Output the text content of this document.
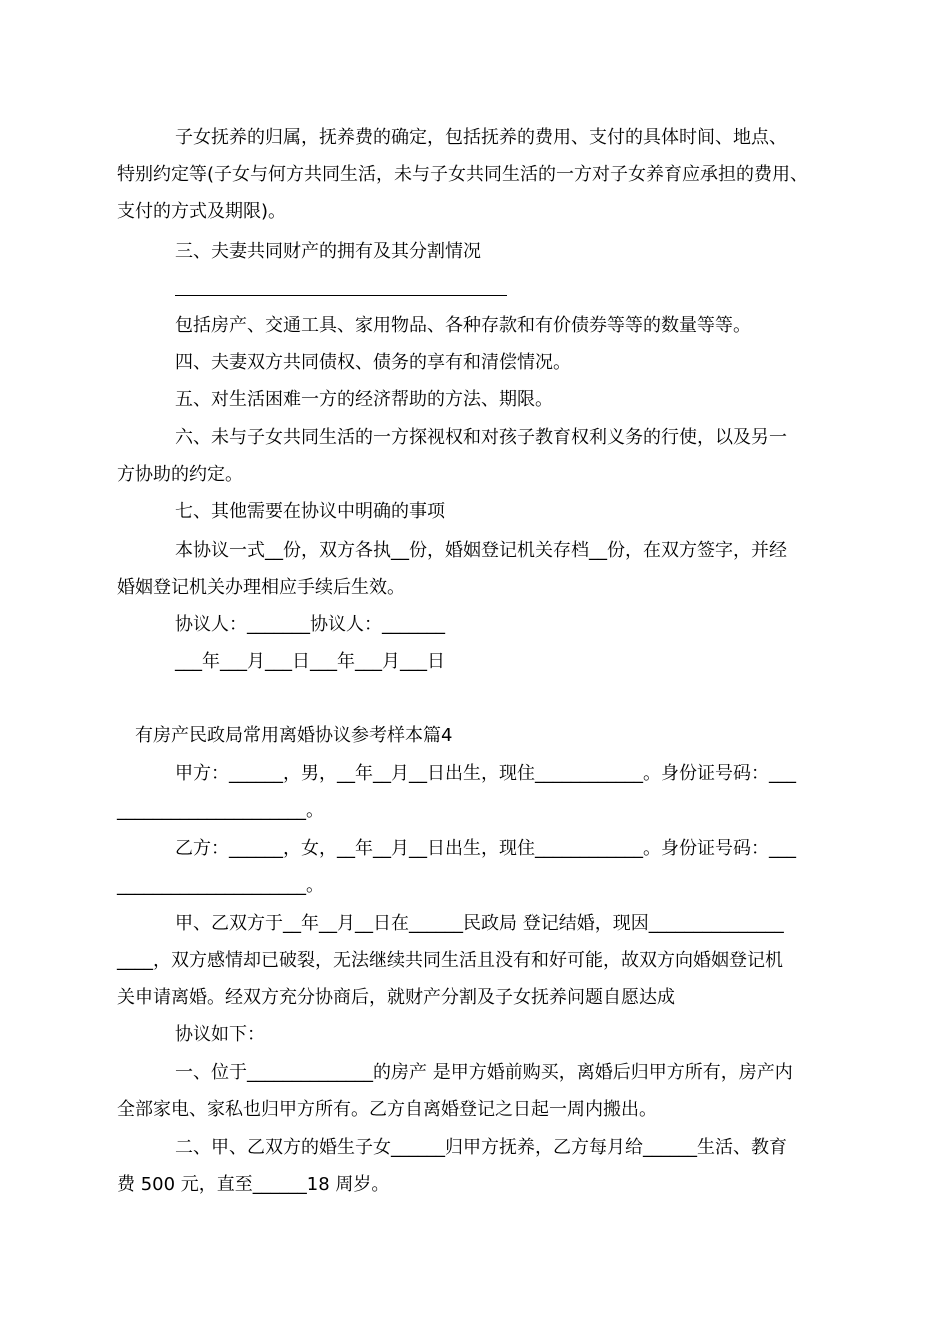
子女抚养的归属，抚养费的确定，包括抚养的费用、支付的具体时间、地点、
特别约定等(子女与何方共同生活，未与子女共同生活的一方对子女养育应承担的费用、
支付的方式及期限)。
三、夫妻共同财产的拥有及其分割情况
包括房产、交通工具、家用物品、各种存款和有价债券等等的数量等等。
四、夫妻双方共同债权、债务的享有和清偿情况。
五、对生活困难一方的经济帮助的方法、期限。
六、未与子女共同生活的一方探视权和对孩子教育权利义务的行使，以及另一
方协助的约定。
七、其他需要在协议中明确的事项
本协议一式__份，双方各执__份，婚姻登记机关存档__份，在双方签字，并经
婚姻登记机关办理相应手续后生效。
协议人：_______协议人：_______
___年___月___日___年___月___日
有房产民政局常用离婚协议参考样本篇4
甲方：______，男，__年__月__日出生，现住____________。身份证号码：___
_____________________。
乙方：______，女，__年__月__日出生，现住____________。身份证号码：___
_____________________。
甲、乙双方于__年__月__日在______民政局 登记结婚，现因_______________
____，双方感情却已破裂，无法继续共同生活且没有和好可能，故双方向婚姻登记机
关申请离婚。经双方充分协商后，就财产分割及子女抚养问题自愿达成
协议如下：
一、位于______________的房产 是甲方婚前购买，离婚后归甲方所有，房产内
全部家电、家私也归甲方所有。乙方自离婚登记之日起一周内搬出。
二、甲、乙双方的婚生子女______归甲方抚养，乙方每月给______生活、教育
费 500 元，直至______18 周岁。
